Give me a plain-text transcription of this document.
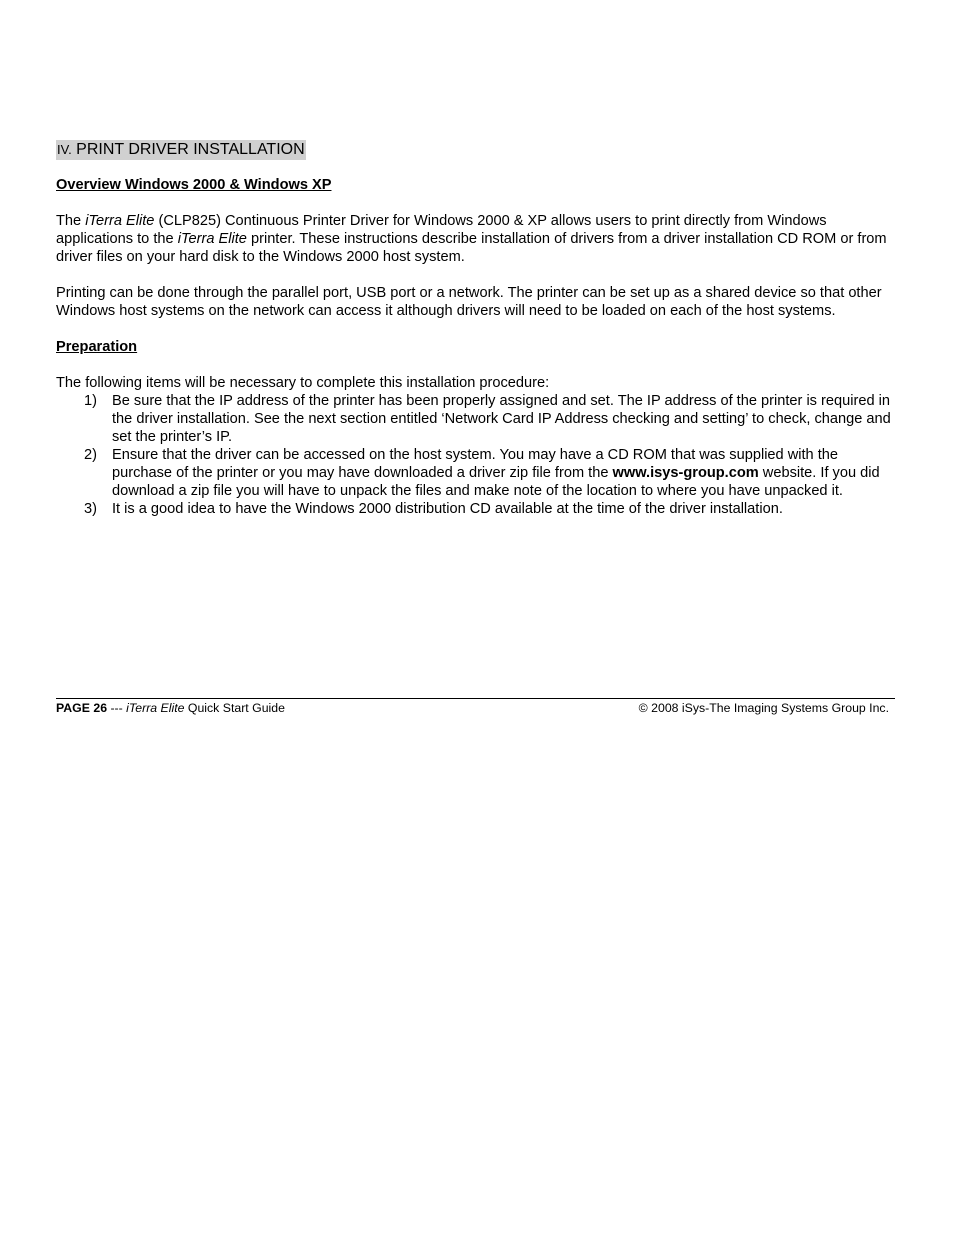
IV. PRINT DRIVER INSTALLATION
Overview Windows 2000 & Windows XP

The iTerra Elite (CLP825) Continuous Printer Driver for Windows 2000 & XP allows users to print directly from Windows applications to the iTerra Elite printer. These instructions describe installation of drivers from a driver installation CD ROM or from driver files on your hard disk to the Windows 2000 host system.

Printing can be done through the parallel port, USB port or a network. The printer can be set up as a shared device so that other Windows host systems on the network can access it although drivers will need to be loaded on each of the host systems.

Preparation

The following items will be necessary to complete this installation procedure:

1) Be sure that the IP address of the printer has been properly assigned and set. The IP address of the printer is required in the driver installation. See the next section entitled ‘Network Card IP Address checking and setting’ to check, change and set the printer’s IP.
2) Ensure that the driver can be accessed on the host system. You may have a CD ROM that was supplied with the purchase of the printer or you may have downloaded a driver zip file from the www.isys-group.com website. If you did download a zip file you will have to unpack the files and make note of the location to where you have unpacked it.
3) It is a good idea to have the Windows 2000 distribution CD available at the time of the driver installation.
PAGE 26 --- iTerra Elite Quick Start Guide	© 2008 iSys-The Imaging Systems Group Inc.
